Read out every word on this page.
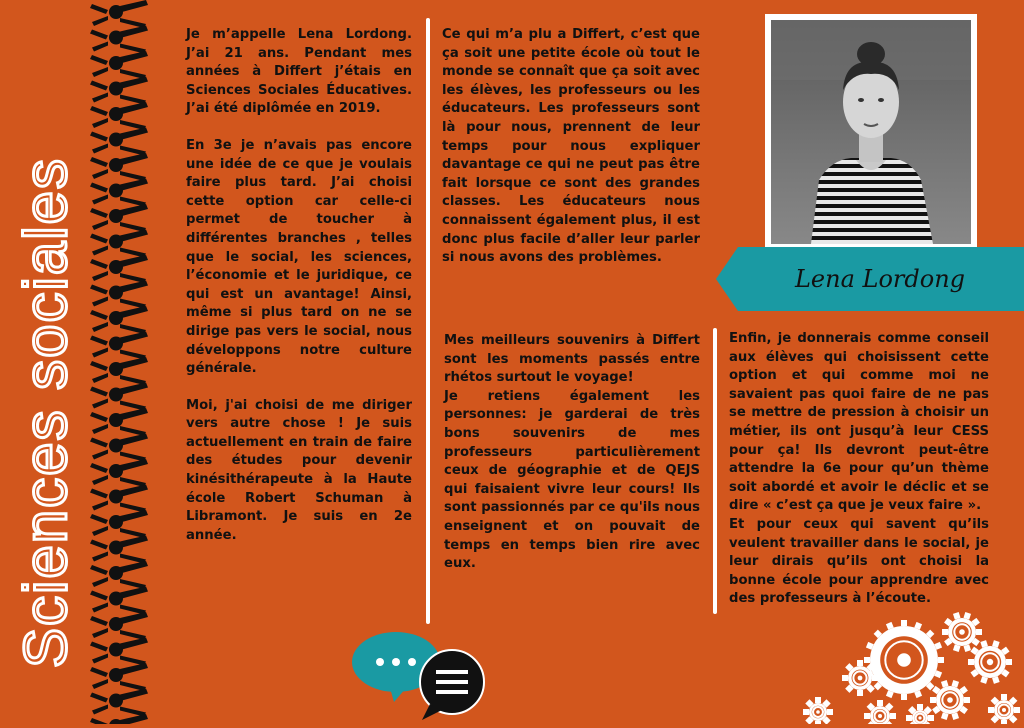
Sciences sociales

Je m’appelle Lena Lordong. J’ai 21 ans. Pendant mes années à Differt j’étais en Sciences Sociales Éducatives. J’ai été diplômée en 2019.

En 3e je n’avais pas encore une idée de ce que je voulais faire plus tard. J’ai choisi cette option car celle-ci permet de toucher à différentes branches , telles que le social, les sciences, l’économie et le juridique, ce qui est un avantage! Ainsi, même si plus tard on ne se dirige pas vers le social, nous développons notre culture générale.

Moi, j'ai choisi de me diriger vers autre chose ! Je suis actuellement en train de faire des études pour devenir kinésithérapeute à la Haute école Robert Schuman à Libramont. Je suis en 2e année.

Ce qui m’a plu a Differt, c’est que ça soit une petite école où tout le monde se connaît que ça soit avec les élèves, les professeurs ou les éducateurs. Les professeurs sont là pour nous, prennent de leur temps pour nous expliquer davantage ce qui ne peut pas être fait lorsque ce sont des grandes classes. Les éducateurs nous connaissent également plus, il est donc plus facile d’aller leur parler si nous avons des problèmes.

Mes meilleurs souvenirs à Differt sont les moments passés entre rhétos surtout le voyage!

Je retiens également les personnes: je garderai de très bons souvenirs de mes professeurs particulièrement ceux de géographie et de QEJS qui faisaient vivre leur cours! Ils sont passionnés par ce qu'ils nous enseignent et on pouvait de temps en temps bien rire avec eux.

Enfin, je donnerais comme conseil aux élèves qui choisissent cette option et qui comme moi ne savaient pas quoi faire de ne pas se mettre de pression à choisir un métier, ils ont jusqu’à leur CESS pour ça! Ils devront peut-être attendre la 6e pour qu’un thème soit abordé et avoir le déclic et se dire « c’est ça que je veux faire ».

Et pour ceux qui savent qu’ils veulent travailler dans le social, je leur dirais qu’ils ont choisi la bonne école pour apprendre avec des professeurs à l’écoute.

Lena Lordong
